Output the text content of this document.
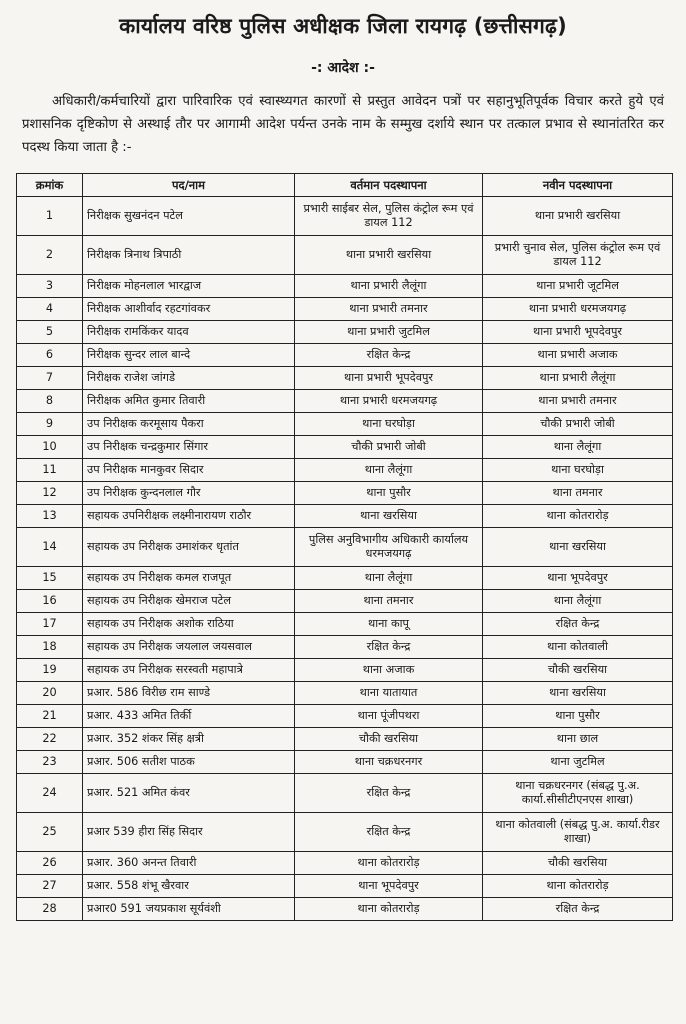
कार्यालय वरिष्ठ पुलिस अधीक्षक जिला रायगढ़ (छत्तीसगढ़)
-: आदेश :-

अधिकारी/कर्मचारियों द्वारा पारिवारिक एवं स्वास्थ्यगत कारणों से प्रस्तुत आवेदन पत्रों पर सहानुभूतिपूर्वक विचार करते हुये एवं प्रशासनिक दृष्टिकोण से अस्थाई तौर पर आगामी आदेश पर्यन्त उनके नाम के सम्मुख दर्शाये स्थान पर तत्काल प्रभाव से स्थानांतरित कर पदस्थ किया जाता है :-

क्रमांक	पद/नाम	वर्तमान पदस्थापना	नवीन पदस्थापना
1	निरीक्षक सुखनंदन पटेल	प्रभारी साईबर सेल, पुलिस कंट्रोल रूम एवं डायल 112	थाना प्रभारी खरसिया
2	निरीक्षक त्रिनाथ त्रिपाठी	थाना प्रभारी खरसिया	प्रभारी चुनाव सेल, पुलिस कंट्रोल रूम एवं डायल 112
3	निरीक्षक मोहनलाल भारद्वाज	थाना प्रभारी लैलूंगा	थाना प्रभारी जूटमिल
4	निरीक्षक आशीर्वाद रहटगांवकर	थाना प्रभारी तमनार	थाना प्रभारी धरमजयगढ़
5	निरीक्षक रामकिंकर यादव	थाना प्रभारी जुटमिल	थाना प्रभारी भूपदेवपुर
6	निरीक्षक सुन्दर लाल बान्दे	रक्षित केन्द्र	थाना प्रभारी अजाक
7	निरीक्षक राजेश जांगडे	थाना प्रभारी भूपदेवपुर	थाना प्रभारी लैलूंगा
8	निरीक्षक अमित कुमार तिवारी	थाना प्रभारी धरमजयगढ़	थाना प्रभारी तमनार
9	उप निरीक्षक करमूसाय पैकरा	थाना घरघोड़ा	चौकी प्रभारी जोबी
10	उप निरीक्षक चन्द्रकुमार सिंगार	चौकी प्रभारी जोबी	थाना लैलूंगा
11	उप निरीक्षक मानकुवर सिदार	थाना लैलूंगा	थाना घरघोड़ा
12	उप निरीक्षक कुन्दनलाल गौर	थाना पुसौर	थाना तमनार
13	सहायक उपनिरीक्षक लक्ष्मीनारायण राठौर	थाना खरसिया	थाना कोतरारोड़
14	सहायक उप निरीक्षक उमाशंकर धृतांत	पुलिस अनुविभागीय अधिकारी कार्यालय धरमजयगढ़	थाना खरसिया
15	सहायक उप निरीक्षक कमल राजपूत	थाना लैलूंगा	थाना भूपदेवपुर
16	सहायक उप निरीक्षक खेमराज पटेल	थाना तमनार	थाना लैलूंगा
17	सहायक उप निरीक्षक अशोक राठिया	थाना कापू	रक्षित केन्द्र
18	सहायक उप निरीक्षक जयलाल जयसवाल	रक्षित केन्द्र	थाना कोतवाली
19	सहायक उप निरीक्षक सरस्वती महापात्रे	थाना अजाक	चौकी खरसिया
20	प्रआर. 586 विरीछ राम साण्डे	थाना यातायात	थाना खरसिया
21	प्रआर. 433 अमित तिर्की	थाना पूंजीपथरा	थाना पुसौर
22	प्रआर. 352 शंकर सिंह क्षत्री	चौकी खरसिया	थाना छाल
23	प्रआर. 506 सतीश पाठक	थाना चक्रधरनगर	थाना जुटमिल
24	प्रआर. 521 अमित कंवर	रक्षित केन्द्र	थाना चक्रधरनगर (संबद्ध पु.अ. कार्या.सीसीटीएनएस शाखा)
25	प्रआर 539 हीरा सिंह सिदार	रक्षित केन्द्र	थाना कोतवाली (संबद्ध पु.अ. कार्या.रीडर शाखा)
26	प्रआर. 360 अनन्त तिवारी	थाना कोतरारोड़	चौकी खरसिया
27	प्रआर. 558 शंभू खैरवार	थाना भूपदेवपुर	थाना कोतरारोड़
28	प्रआर0 591 जयप्रकाश सूर्यवंशी	थाना कोतरारोड़	रक्षित केन्द्र
